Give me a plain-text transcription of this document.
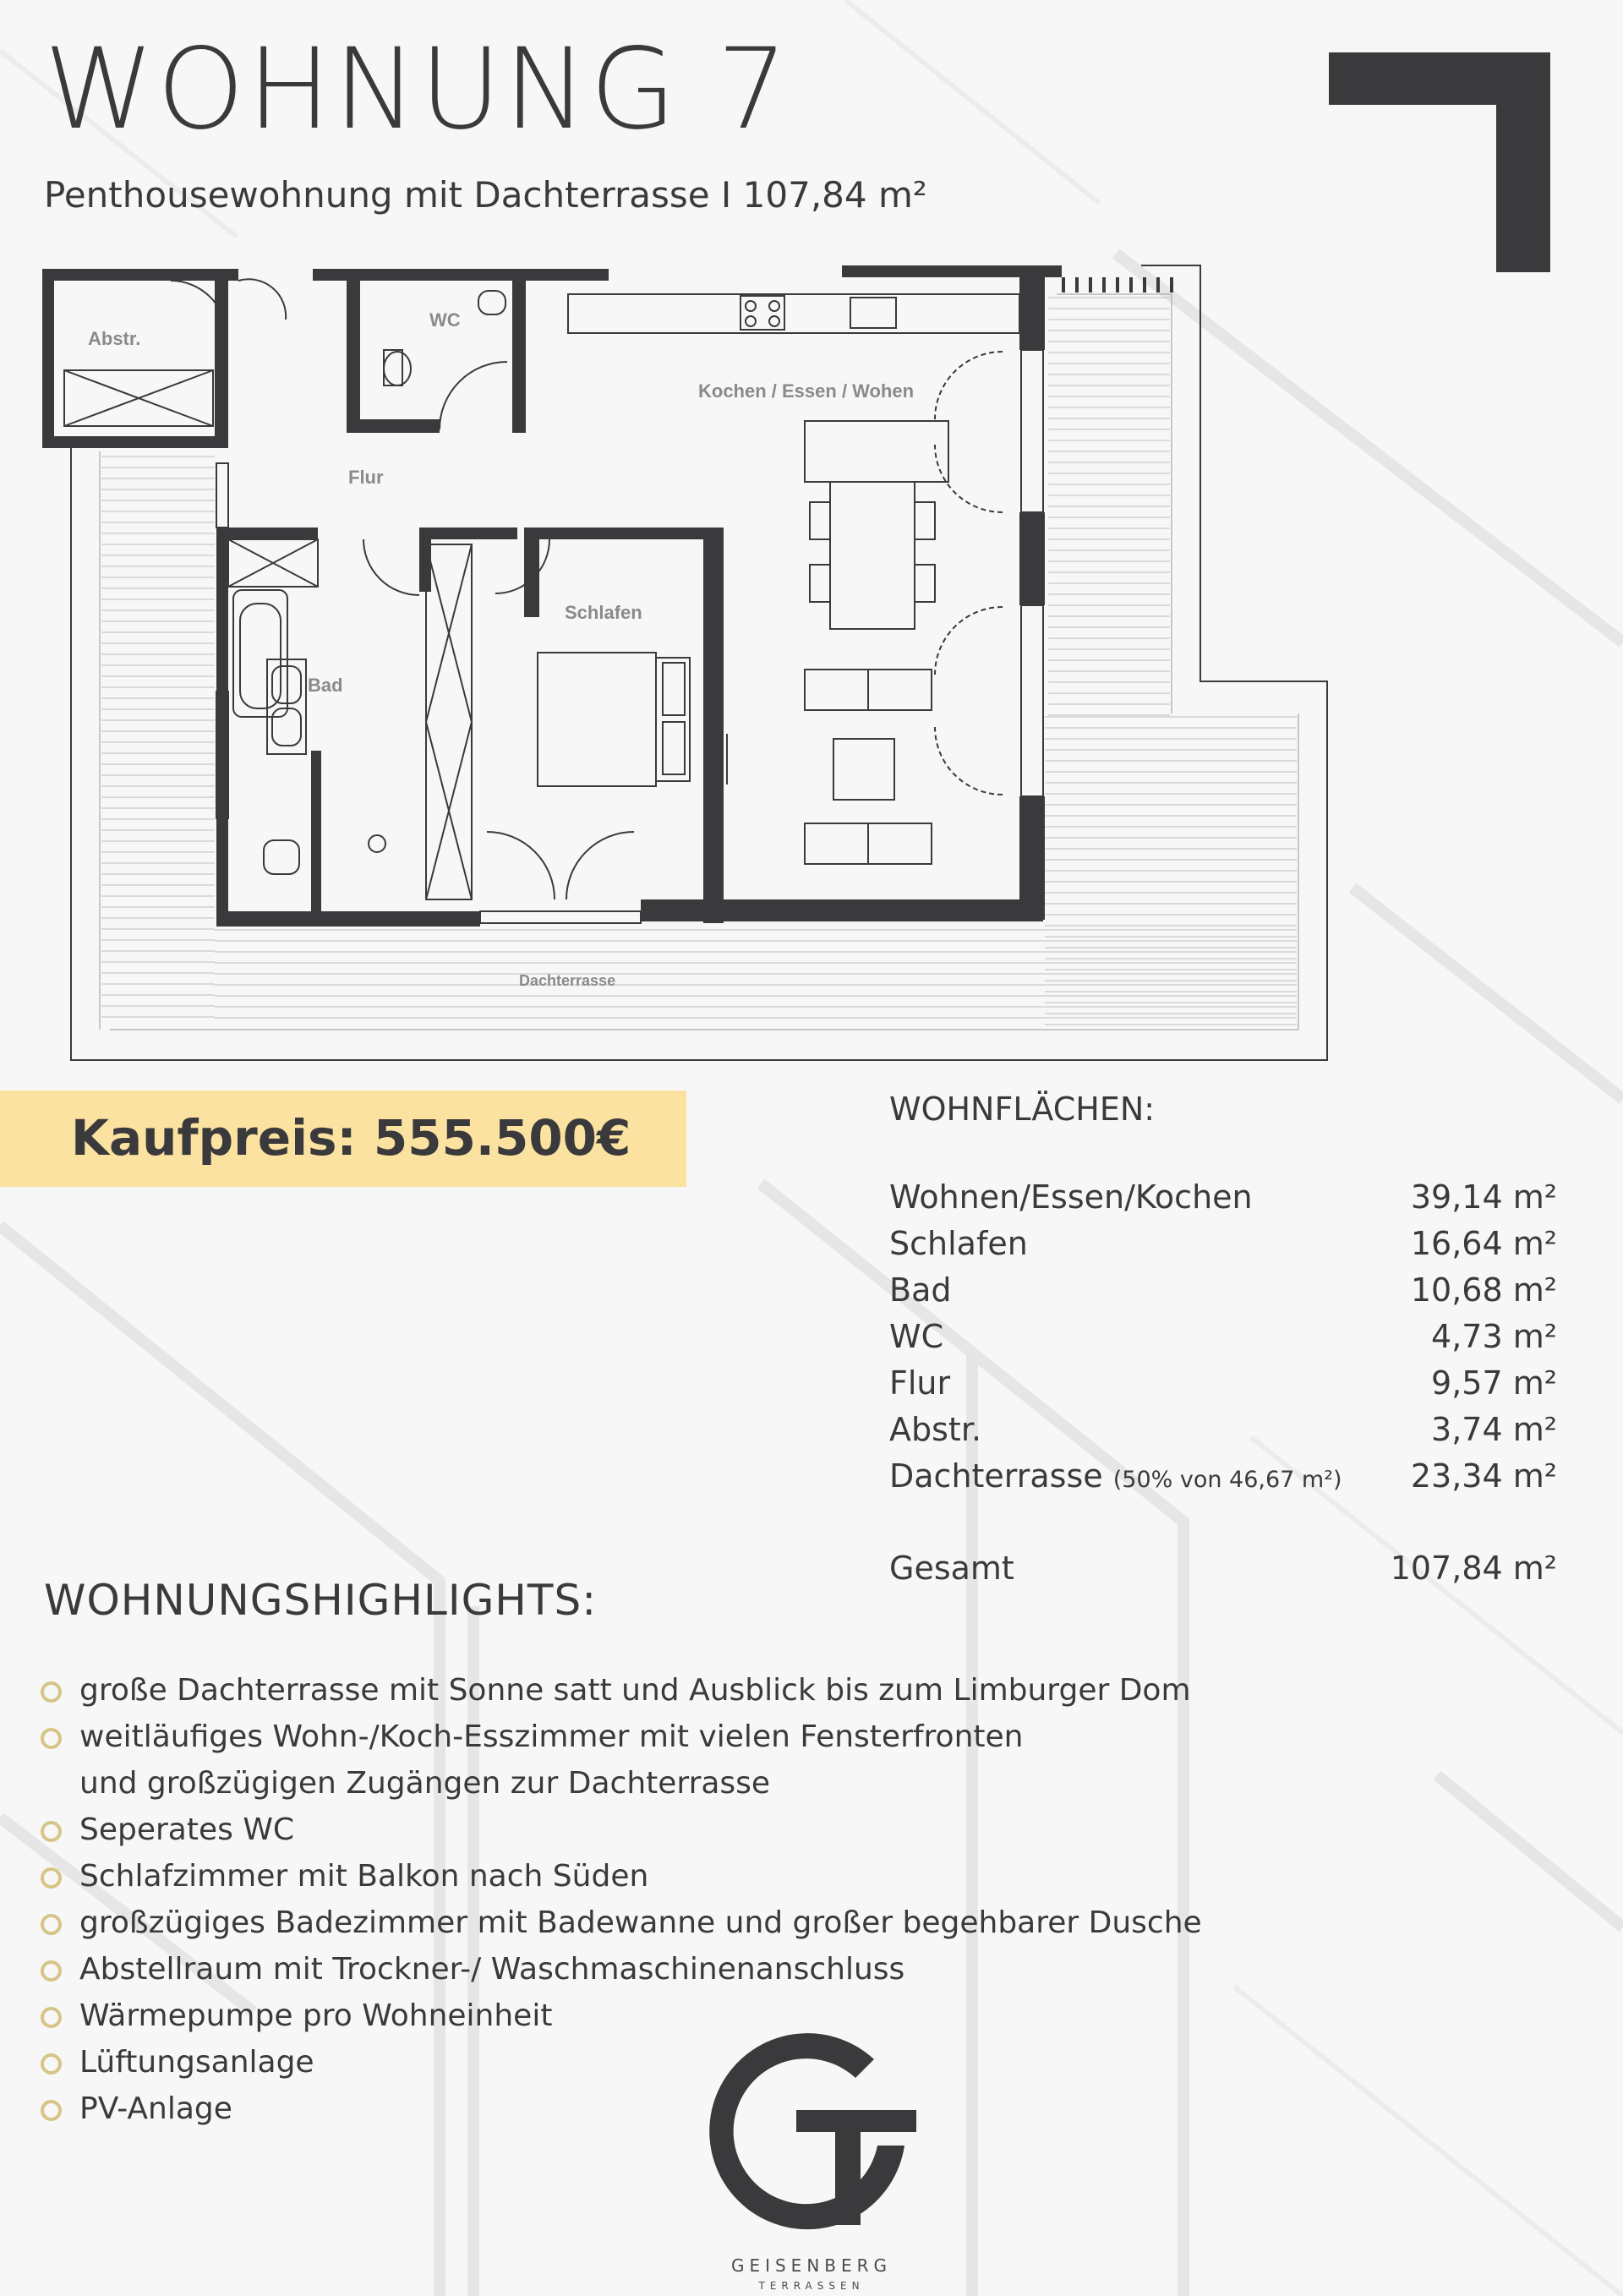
WOHNUNG 7
Penthousewohnung mit Dachterrasse I 107,84 m²
Abstr.
WC
Kochen / Essen / Wohen
Flur
Schlafen
Bad
Dachterrasse
Kaufpreis: 555.500€	WOHNFLÄCHEN:
Wohnen/Essen/Kochen	39,14 m²
Schlafen	16,64 m²
Bad	10,68 m²
WC	4,73 m²
Flur	9,57 m²
Abstr.	3,74 m²
Dachterrasse (50% von 46,67 m²) 23,34 m²
Gesamt	107,84 m²
WOHNUNGSHIGHLIGHTS:
große Dachterrasse mit Sonne satt und Ausblick bis zum Limburger Dom
weitläufiges Wohn-/Koch-Esszimmer mit vielen Fensterfronten
und großzügigen Zugängen zur Dachterrasse
Seperates WC
Schlafzimmer mit Balkon nach Süden
großzügiges Badezimmer mit Badewanne und großer begehbarer Dusche
Abstellraum mit Trockner-/ Waschmaschinenanschluss
Wärmepumpe pro Wohneinheit
Lüftungsanlage
PV-Anlage
GEISENBERG
TERRASSEN
